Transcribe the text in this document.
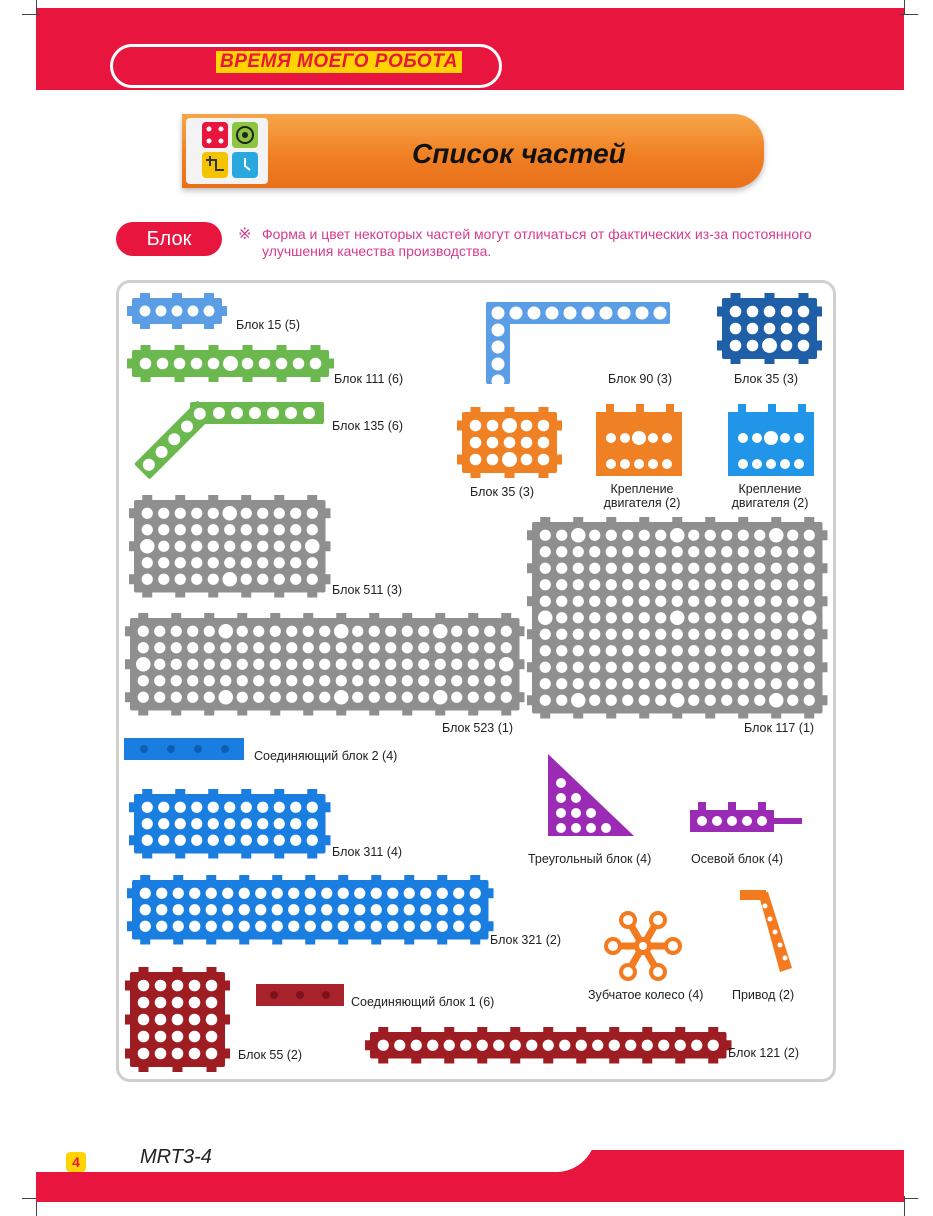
ВРЕМЯ МОЕГО РОБОТА
Список частей
Блок	※ Форма и цвет некоторых частей могут отличаться от фактических из-за постоянного улучшения качества производства.
Блок 15 (5)
Блок 111 (6)
Блок 135 (6)
Блок 90 (3)	Блок 35 (3)
Блок 35 (3)	Крепление двигателя (2)
Крепление двигателя (2)
Блок 511 (3)
Блок 523 (1)	Блок 117 (1)
Соединяющий блок 2 (4)
Блок 311 (4)	Треугольный блок (4)	Осевой блок (4)
Блок 321 (2)
Зубчатое колесо (4) Привод (2)
Блок 55 (2)
Соединяющий блок 1 (6)
Блок 121 (2)
4	MRT3-4
